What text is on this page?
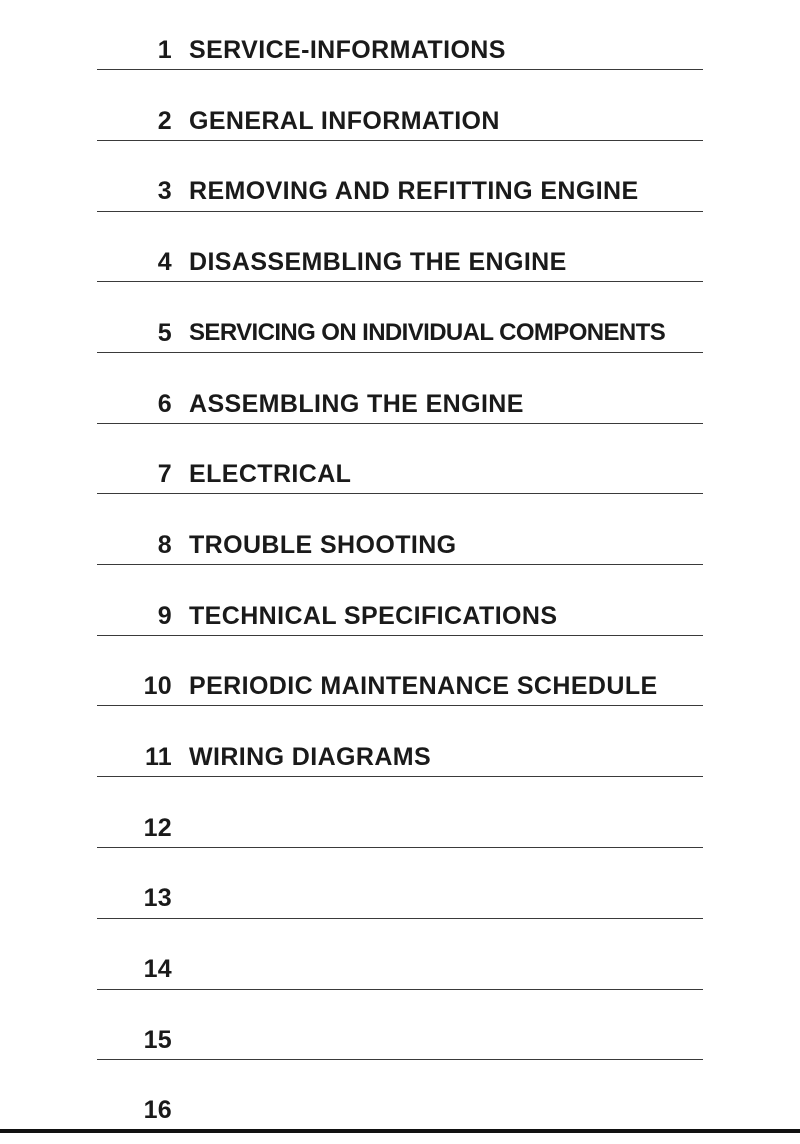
1 SERVICE-INFORMATIONS
2 GENERAL INFORMATION
3 REMOVING AND REFITTING ENGINE
4 DISASSEMBLING THE ENGINE
5 SERVICING ON INDIVIDUAL COMPONENTS
6 ASSEMBLING THE ENGINE
7 ELECTRICAL
8 TROUBLE SHOOTING
9 TECHNICAL SPECIFICATIONS
10 PERIODIC MAINTENANCE SCHEDULE
11 WIRING DIAGRAMS
12
13
14
15
16
